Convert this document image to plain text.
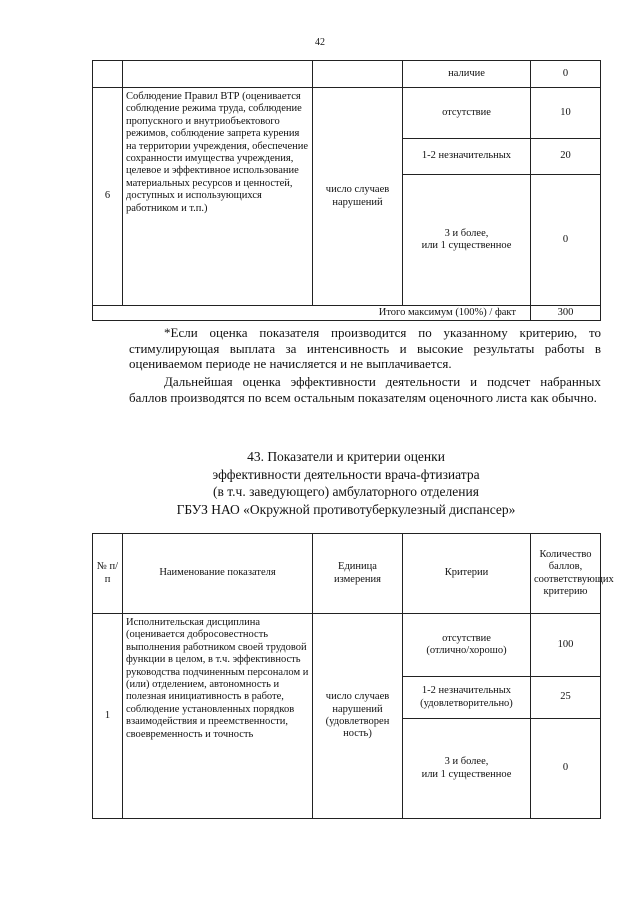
42
			наличие	0
6	Соблюдение Правил ВТР (оценивается соблюдение режима труда, соблюдение пропускного и внутриобъектового режимов, соблюдение запрета курения на территории учреждения, обеспечение сохранности имущества учреждения, целевое и эффективное использование материальных ресурсов и ценностей, доступных и использующихся работником и т.п.)	число случаев нарушений	отсутствие	10
			1-2 незначительных	20

			3 и более,
или 1 существенное	0
Итого максимум (100%) / факт				300

*Если оценка показателя производится по указанному критерию, то стимулирующая выплата за интенсивность и высокие результаты работы в оцениваемом периоде не начисляется и не выплачивается.

Дальнейшая оценка эффективности деятельности и подсчет набранных баллов производятся по всем остальным показателям оценочного листа как обычно.

43. Показатели и критерии оценки
эффективности деятельности врача-фтизиатра
(в т.ч. заведующего) амбулаторного отделения
ГБУЗ НАО «Окружной противотуберкулезный диспансер»
№ п/п	Наименование показателя	Единица измерения	Критерии	Количество баллов, соответствующих критерию
1	Исполнительская дисциплина (оценивается добросовестность выполнения работником своей трудовой функции в целом, в т.ч. эффективность руководства подчиненным персоналом и (или) отделением, автономность и полезная инициативность в работе, соблюдение установленных порядков взаимодействия и преемственности, своевременность и точность	число случаев нарушений (удовлетворен ность)	отсутствие
(отлично/хорошо)	100

			1-2 незначительных
(удовлетворительно)	25

			3 и более,
или 1 существенное	0
